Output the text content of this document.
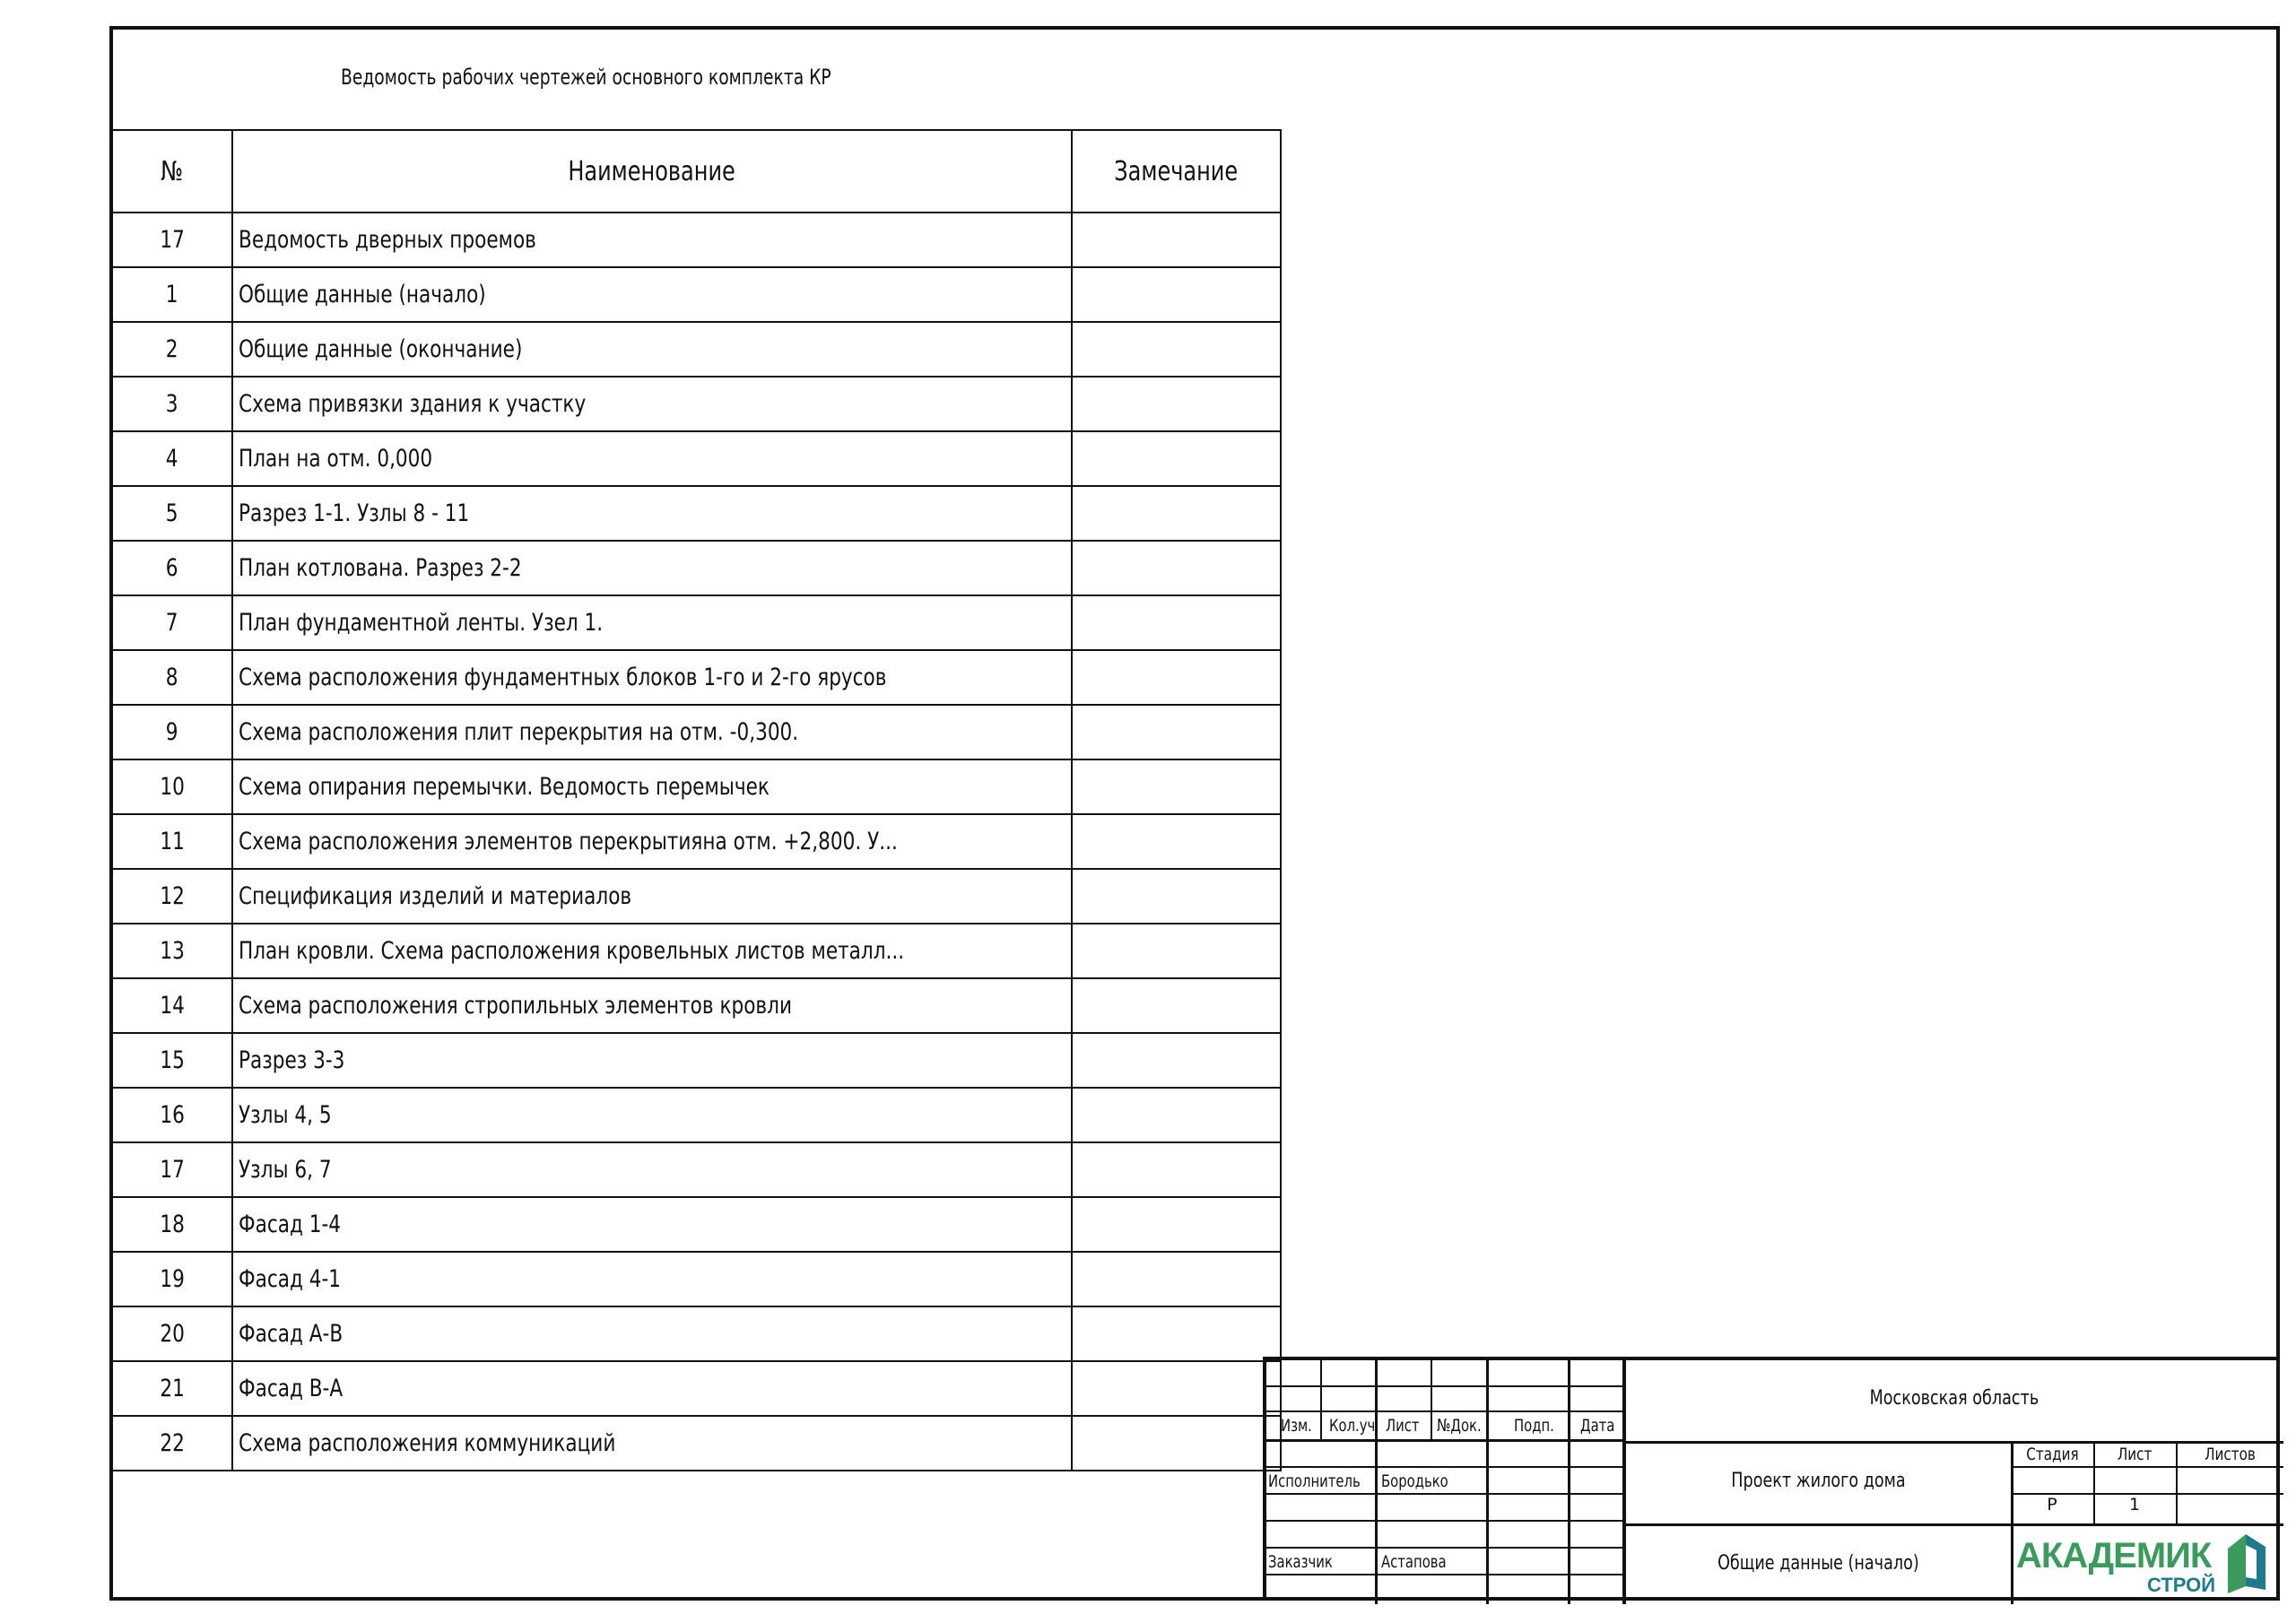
Ведомость рабочих чертежей основного комплекта КР
№	Наименование	Замечание
17	Ведомость дверных проемов	
1	Общие данные (начало)	
2	Общие данные (окончание)	
3	Схема привязки здания к участку	
4	План на отм. 0,000	
5	Разрез 1-1. Узлы 8 - 11	
6	План котлована. Разрез 2-2	
7	План фундаментной ленты. Узел 1.	
8	Схема расположения фундаментных блоков 1-го и 2-го ярусов	
9	Схема расположения плит перекрытия на отм. -0,300.	
10	Схема опирания перемычки. Ведомость перемычек	
11	Схема расположения элементов перекрытияна отм. +2,800. У...	
12	Спецификация изделий и материалов	
13	План кровли. Схема расположения кровельных листов металл...	
14	Схема расположения стропильных элементов кровли	
15	Разрез 3-3	
16	Узлы 4, 5	
17	Узлы 6, 7	
18	Фасад 1-4	
19	Фасад 4-1	
20	Фасад А-В	
21	Фасад В-А	
22	Схема расположения коммуникаций	
Изм. Кол.уч Лист №Док. Подп. Дата
Исполнитель Бородько
Заказчик	Астапова
Московская область
Проект жилого дома
Общие данные (начало)
Стадия	Лист	Листов
Р	1
АКАДЕМИК
СТРОЙ
